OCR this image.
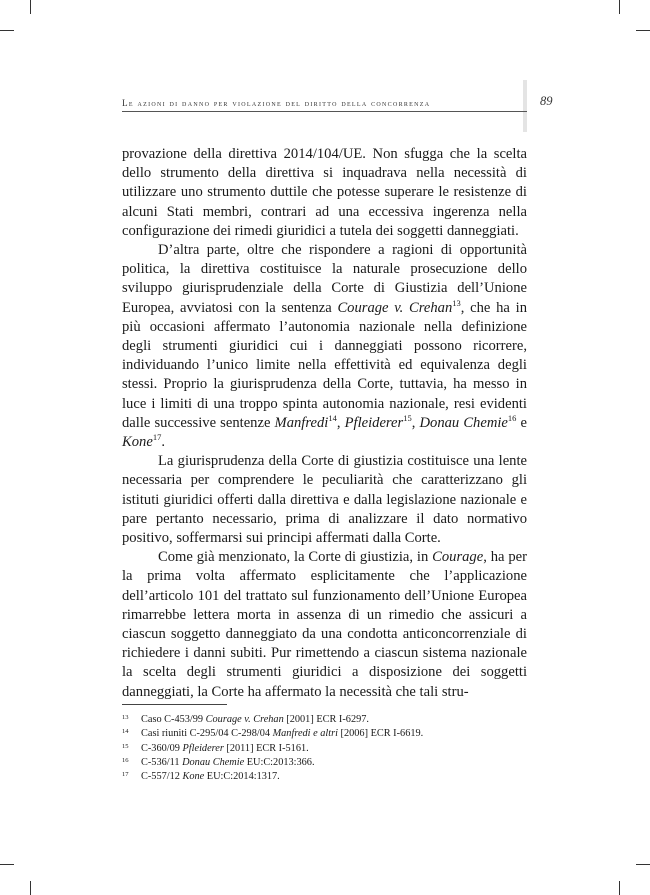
Le azioni di danno per violazione del diritto della concorrenza	89

provazione della direttiva 2014/104/UE. Non sfugga che la scelta dello strumento della direttiva si inquadrava nella necessità di utilizzare uno strumento duttile che potesse superare le resistenze di alcuni Stati membri, contrari ad una eccessiva ingerenza nella configurazione dei rimedi giuridici a tutela dei soggetti danneggiati.

D’altra parte, oltre che rispondere a ragioni di opportunità politica, la direttiva costituisce la naturale prosecuzione dello sviluppo giurisprudenziale della Corte di Giustizia dell’Unione Europea, avviatosi con la sentenza Courage v. Crehan$^{13}$, che ha in più occasioni affermato l’autonomia nazionale nella definizione degli strumenti giuridici cui i danneggiati possono ricorrere, individuando l’unico limite nella effettività ed equivalenza degli stessi. Proprio la giurisprudenza della Corte, tuttavia, ha messo in luce i limiti di una troppo spinta autonomia nazionale, resi evidenti dalle successive sentenze Manfredi$^{14}$, Pfleiderer$^{15}$, Donau Chemie$^{16}$ e Kone$^{17}$.

La giurisprudenza della Corte di giustizia costituisce una lente necessaria per comprendere le peculiarità che caratterizzano gli istituti giuridici offerti dalla direttiva e dalla legislazione nazionale e pare pertanto necessario, prima di analizzare il dato normativo positivo, soffermarsi sui principi affermati dalla Corte.

Come già menzionato, la Corte di giustizia, in Courage, ha per la prima volta affermato esplicitamente che l’applicazione dell’articolo 101 del trattato sul funzionamento dell’Unione Europea rimarrebbe lettera morta in assenza di un rimedio che assicuri a ciascun soggetto danneggiato da una condotta anticoncorrenziale di richiedere i danni subiti. Pur rimettendo a ciascun sistema nazionale la scelta degli strumenti giuridici a disposizione dei soggetti danneggiati, la Corte ha affermato la necessità che tali stru-

13	Caso C-453/99 Courage v. Crehan [2001] ECR I-6297.
14	Casi riuniti C-295/04 C-298/04 Manfredi e altri [2006] ECR I-6619.
15	C-360/09 Pfleiderer [2011] ECR I-5161.
16	C-536/11 Donau Chemie EU:C:2013:366.
17	C-557/12 Kone EU:C:2014:1317.
